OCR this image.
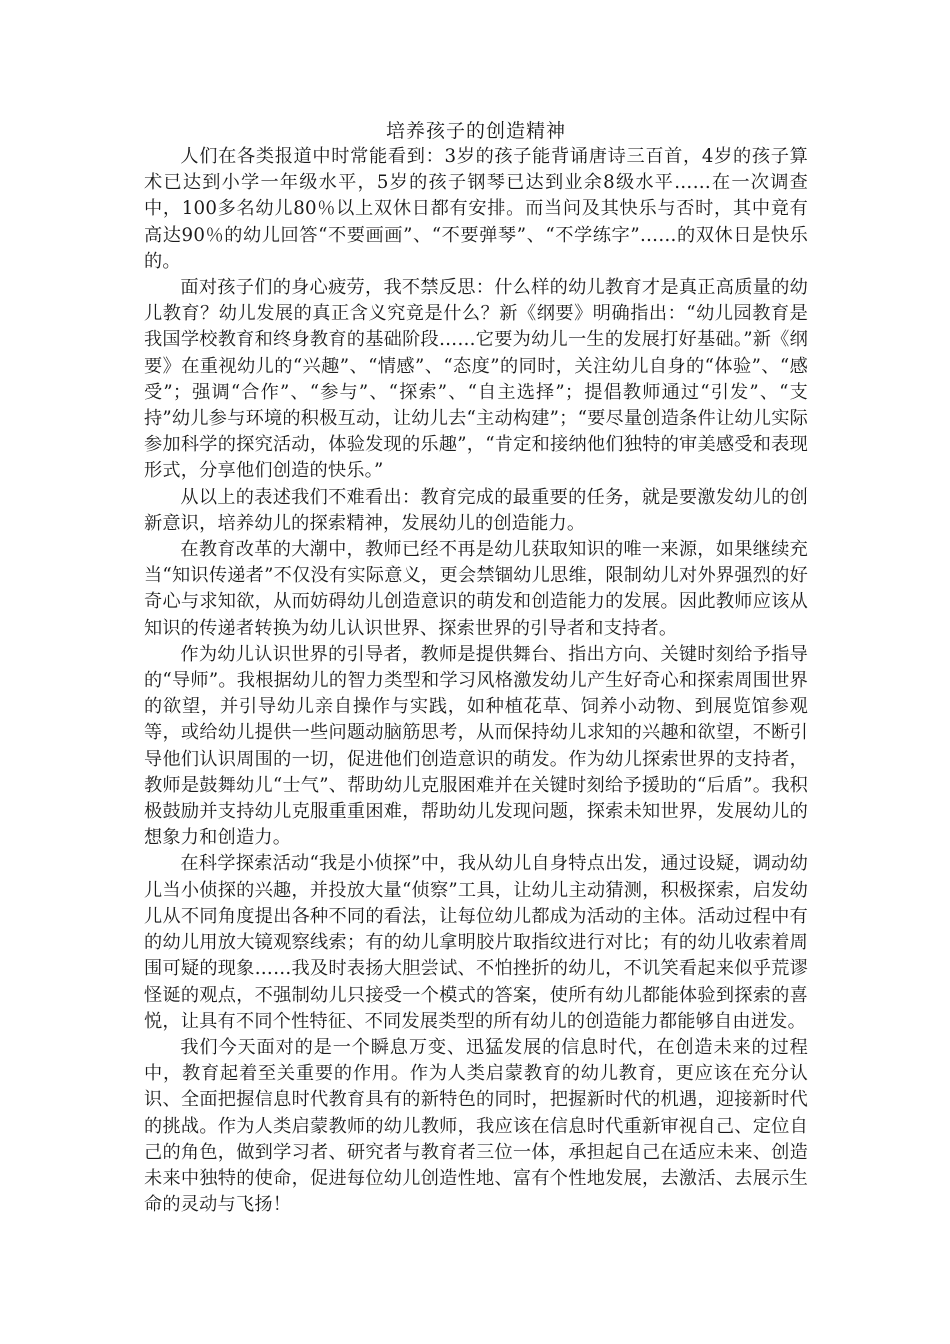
培养孩子的创造精神

人们在各类报道中时常能看到：3岁的孩子能背诵唐诗三百首，4岁的孩子算术已达到小学一年级水平，5岁的孩子钢琴已达到业余8级水平……在一次调查中，100多名幼儿80％以上双休日都有安排。而当问及其快乐与否时，其中竟有高达90％的幼儿回答“不要画画”、“不要弹琴”、“不学练字”……的双休日是快乐的。

面对孩子们的身心疲劳，我不禁反思：什么样的幼儿教育才是真正高质量的幼儿教育？幼儿发展的真正含义究竟是什么？新《纲要》明确指出：“幼儿园教育是我国学校教育和终身教育的基础阶段……它要为幼儿一生的发展打好基础。”新《纲要》在重视幼儿的“兴趣”、“情感”、“态度”的同时，关注幼儿自身的“体验”、“感受”；强调“合作”、“参与”、“探索”、“自主选择”；提倡教师通过“引发”、“支持”幼儿参与环境的积极互动，让幼儿去“主动构建”；“要尽量创造条件让幼儿实际参加科学的探究活动，体验发现的乐趣”，“肯定和接纳他们独特的审美感受和表现形式，分享他们创造的快乐。”

从以上的表述我们不难看出：教育完成的最重要的任务，就是要激发幼儿的创新意识，培养幼儿的探索精神，发展幼儿的创造能力。

在教育改革的大潮中，教师已经不再是幼儿获取知识的唯一来源，如果继续充当“知识传递者”不仅没有实际意义，更会禁锢幼儿思维，限制幼儿对外界强烈的好奇心与求知欲，从而妨碍幼儿创造意识的萌发和创造能力的发展。因此教师应该从知识的传递者转换为幼儿认识世界、探索世界的引导者和支持者。

作为幼儿认识世界的引导者，教师是提供舞台、指出方向、关键时刻给予指导的“导师”。我根据幼儿的智力类型和学习风格激发幼儿产生好奇心和探索周围世界的欲望，并引导幼儿亲自操作与实践，如种植花草、饲养小动物、到展览馆参观等，或给幼儿提供一些问题动脑筋思考，从而保持幼儿求知的兴趣和欲望，不断引导他们认识周围的一切，促进他们创造意识的萌发。作为幼儿探索世界的支持者，教师是鼓舞幼儿“士气”、帮助幼儿克服困难并在关键时刻给予援助的“后盾”。我积极鼓励并支持幼儿克服重重困难，帮助幼儿发现问题，探索未知世界，发展幼儿的想象力和创造力。

在科学探索活动“我是小侦探”中，我从幼儿自身特点出发，通过设疑，调动幼儿当小侦探的兴趣，并投放大量“侦察”工具，让幼儿主动猜测，积极探索，启发幼儿从不同角度提出各种不同的看法，让每位幼儿都成为活动的主体。活动过程中有的幼儿用放大镜观察线索；有的幼儿拿明胶片取指纹进行对比；有的幼儿收索着周围可疑的现象……我及时表扬大胆尝试、不怕挫折的幼儿，不讥笑看起来似乎荒谬怪诞的观点，不强制幼儿只接受一个模式的答案，使所有幼儿都能体验到探索的喜悦，让具有不同个性特征、不同发展类型的所有幼儿的创造能力都能够自由迸发。

我们今天面对的是一个瞬息万变、迅猛发展的信息时代，在创造未来的过程中，教育起着至关重要的作用。作为人类启蒙教育的幼儿教育，更应该在充分认识、全面把握信息时代教育具有的新特色的同时，把握新时代的机遇，迎接新时代的挑战。作为人类启蒙教师的幼儿教师，我应该在信息时代重新审视自己、定位自己的角色，做到学习者、研究者与教育者三位一体，承担起自己在适应未来、创造未来中独特的使命，促进每位幼儿创造性地、富有个性地发展，去激活、去展示生命的灵动与飞扬！
